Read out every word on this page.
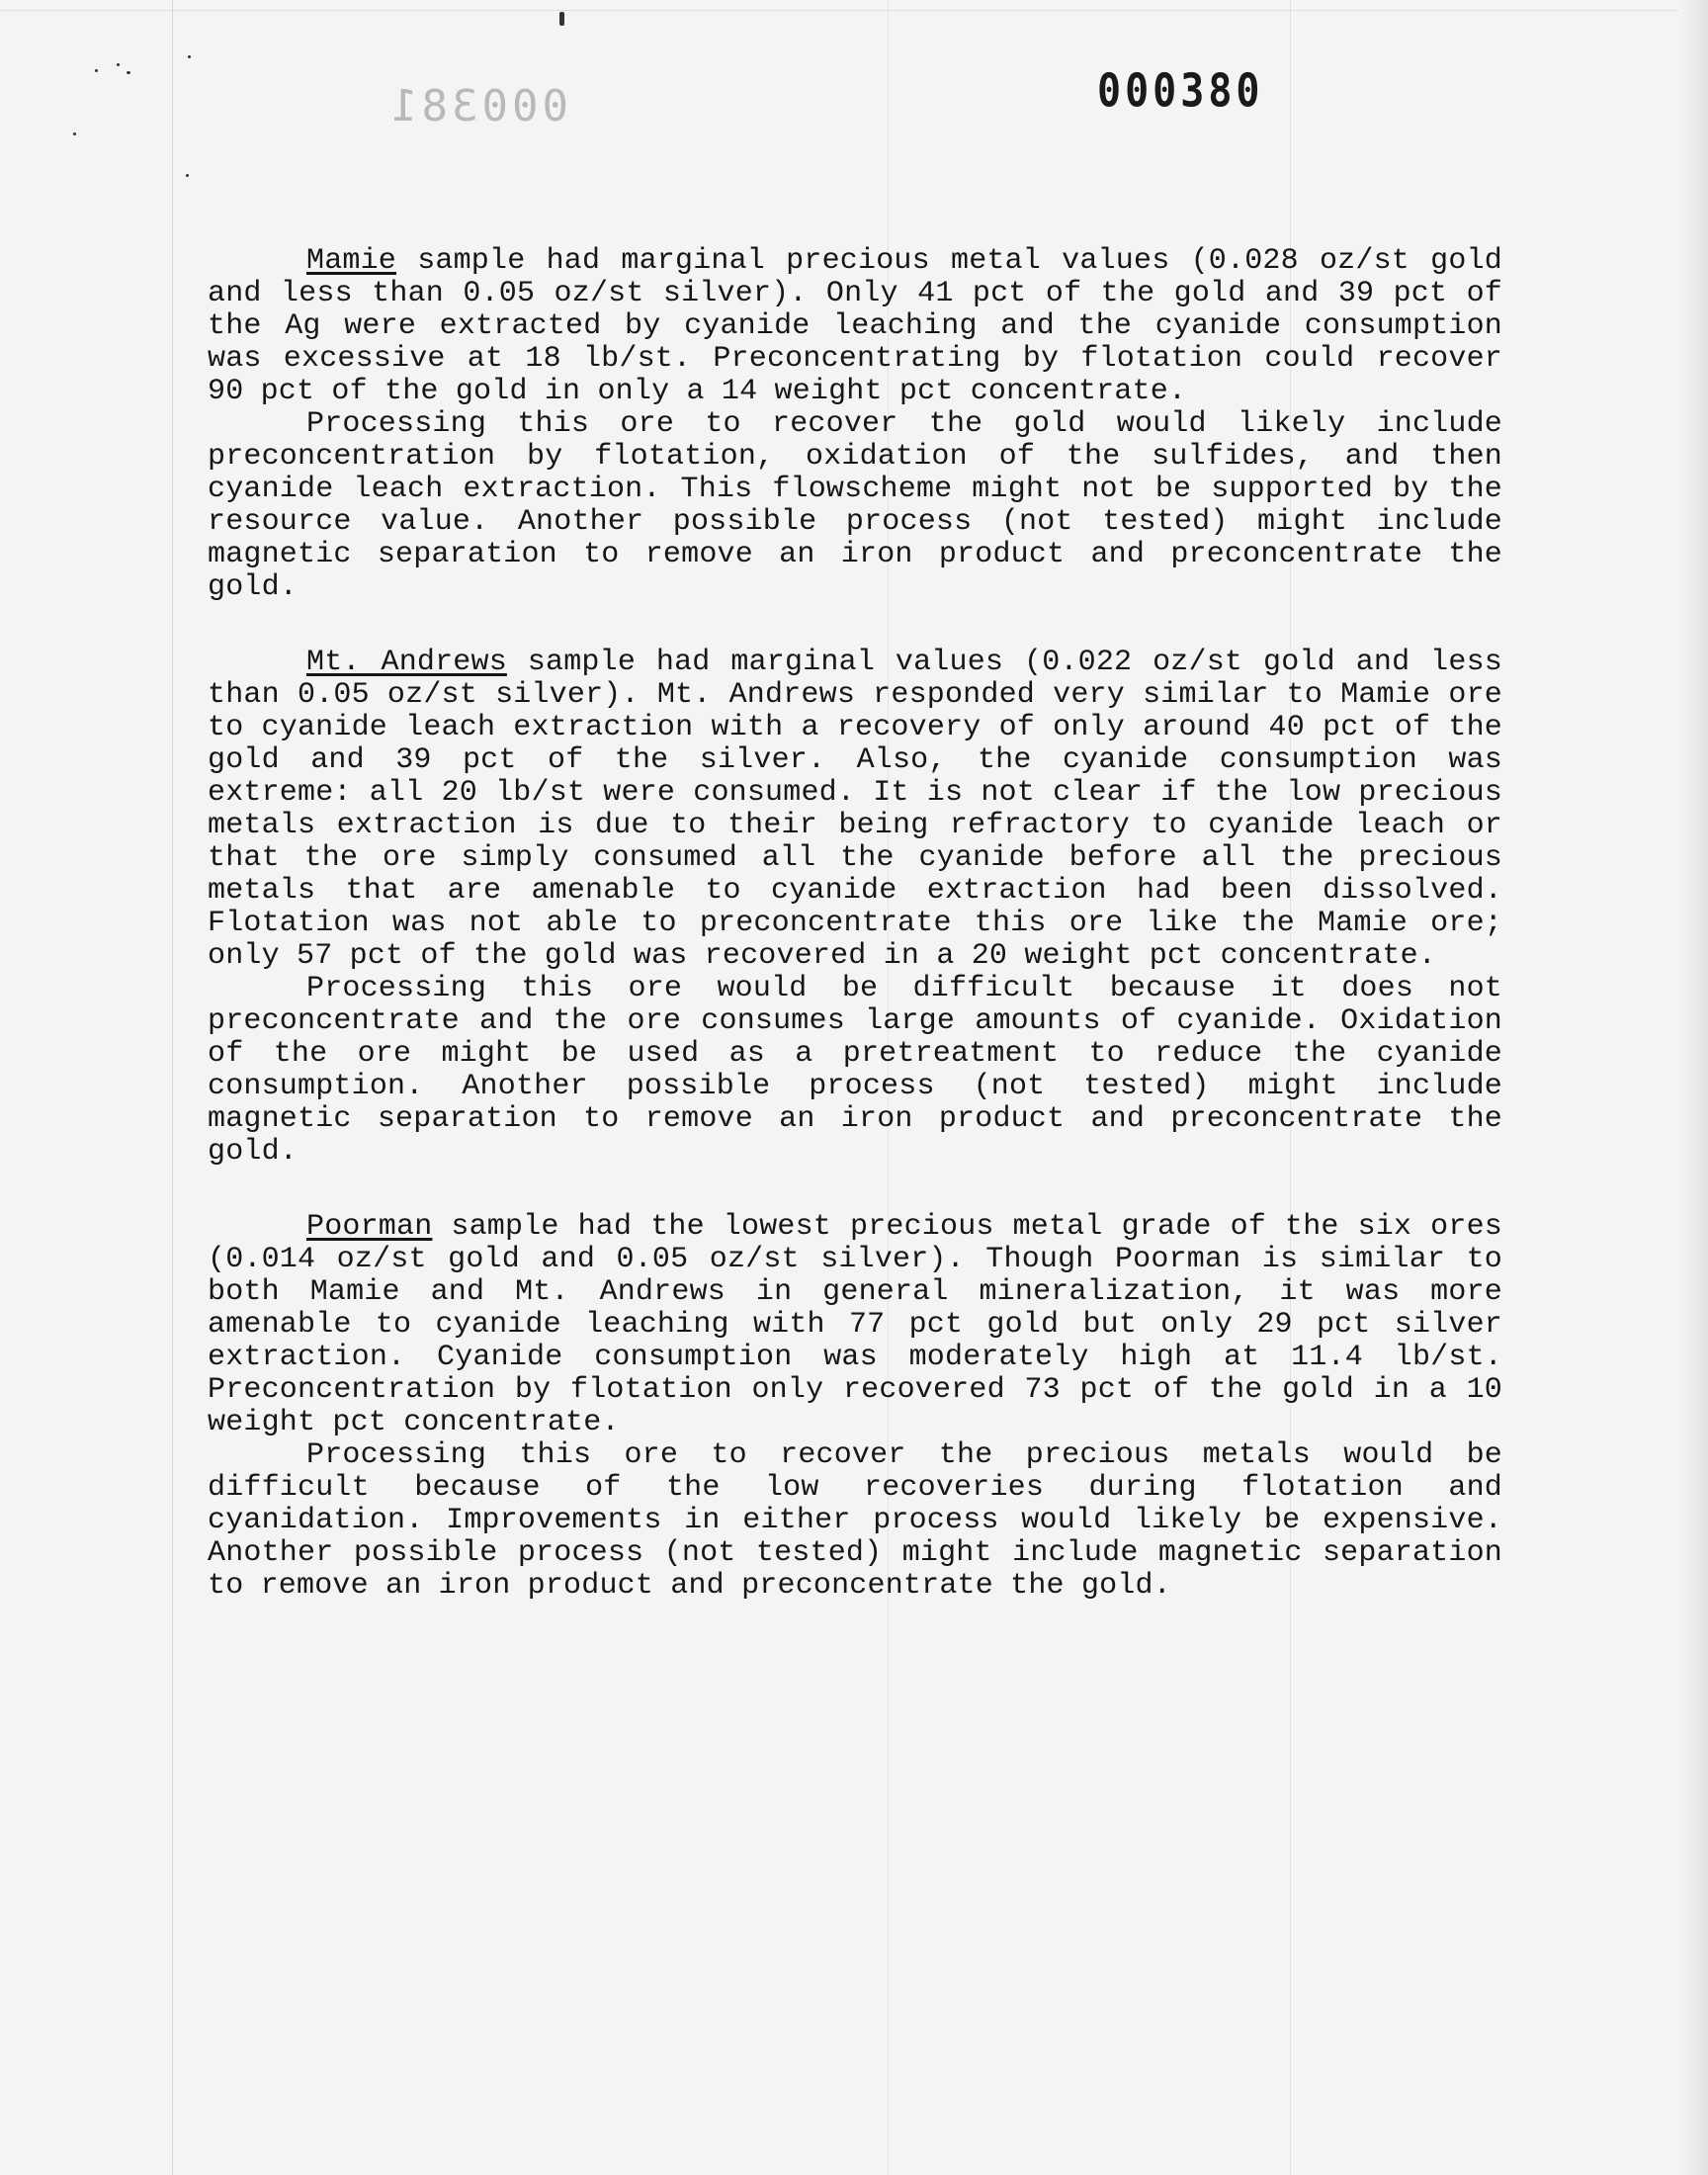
000381	000380

Mamie sample had marginal precious metal values (0.028 oz/st gold and less than 0.05 oz/st silver). Only 41 pct of the gold and 39 pct of the Ag were extracted by cyanide leaching and the cyanide consumption was excessive at 18 lb/st. Preconcentrating by flotation could recover 90 pct of the gold in only a 14 weight pct concentrate.

Processing this ore to recover the gold would likely include preconcentration by flotation, oxidation of the sulfides, and then cyanide leach extraction. This flowscheme might not be supported by the resource value. Another possible process (not tested) might include magnetic separation to remove an iron product and preconcentrate the gold.

Mt. Andrews sample had marginal values (0.022 oz/st gold and less than 0.05 oz/st silver). Mt. Andrews responded very similar to Mamie ore to cyanide leach extraction with a recovery of only around 40 pct of the gold and 39 pct of the silver. Also, the cyanide consumption was extreme: all 20 lb/st were consumed. It is not clear if the low precious metals extraction is due to their being refractory to cyanide leach or that the ore simply consumed all the cyanide before all the precious metals that are amenable to cyanide extraction had been dissolved. Flotation was not able to preconcentrate this ore like the Mamie ore; only 57 pct of the gold was recovered in a 20 weight pct concentrate.

Processing this ore would be difficult because it does not preconcentrate and the ore consumes large amounts of cyanide. Oxidation of the ore might be used as a pretreatment to reduce the cyanide consumption. Another possible process (not tested) might include magnetic separation to remove an iron product and preconcentrate the gold.

Poorman sample had the lowest precious metal grade of the six ores (0.014 oz/st gold and 0.05 oz/st silver). Though Poorman is similar to both Mamie and Mt. Andrews in general mineralization, it was more amenable to cyanide leaching with 77 pct gold but only 29 pct silver extraction. Cyanide consumption was moderately high at 11.4 lb/st. Preconcentration by flotation only recovered 73 pct of the gold in a 10 weight pct concentrate.

Processing this ore to recover the precious metals would be difficult because of the low recoveries during flotation and cyanidation. Improvements in either process would likely be expensive. Another possible process (not tested) might include magnetic separation to remove an iron product and preconcentrate the gold.
